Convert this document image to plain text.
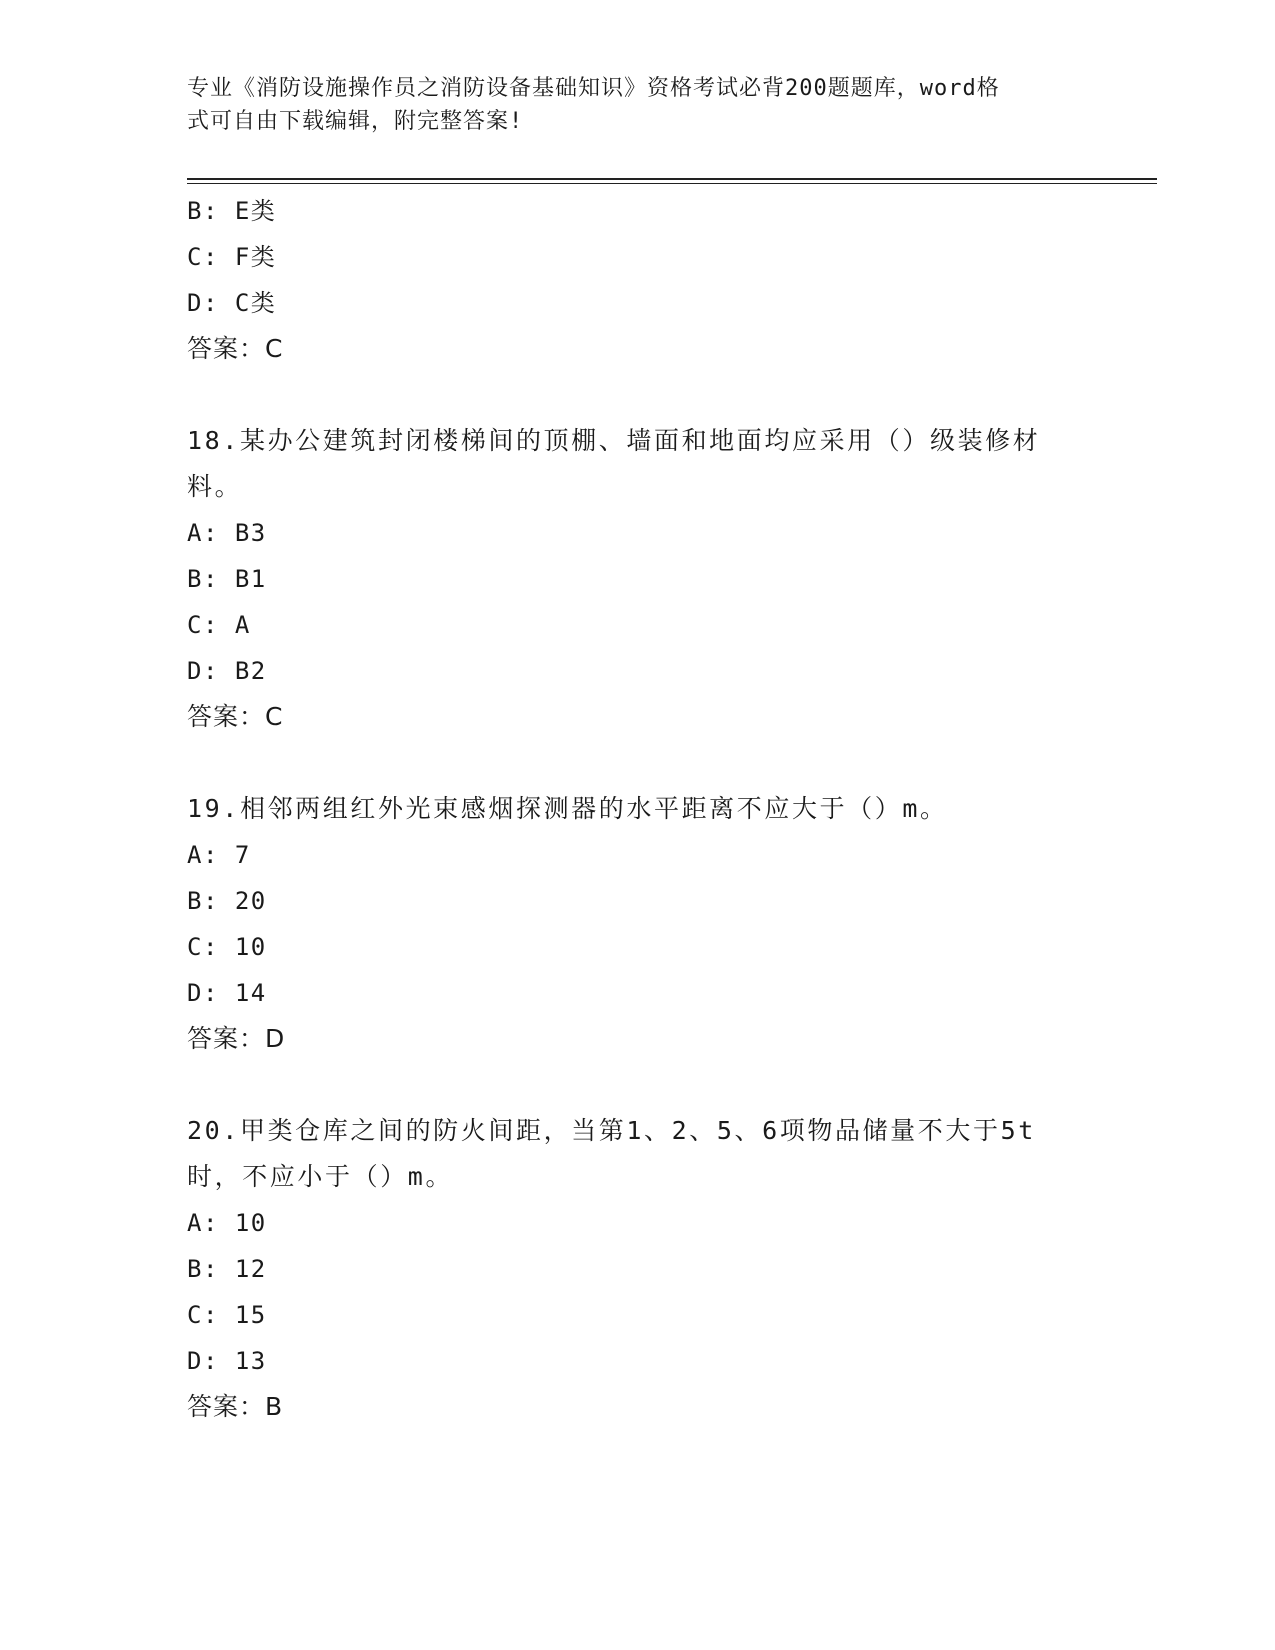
专业《消防设施操作员之消防设备基础知识》资格考试必背200题题库，word格
式可自由下载编辑，附完整答案!
B: E类
C: F类
D: C类
答案：C
18.某办公建筑封闭楼梯间的顶棚、墙面和地面均应采用（）级装修材
料。
A: B3
B: B1
C: A
D: B2
答案：C
19.相邻两组红外光束感烟探测器的水平距离不应大于（）m。
A: 7
B: 20
C: 10
D: 14
答案：D
20.甲类仓库之间的防火间距，当第1、2、5、6项物品储量不大于5t
时，不应小于（）m。
A: 10
B: 12
C: 15
D: 13
答案：B
